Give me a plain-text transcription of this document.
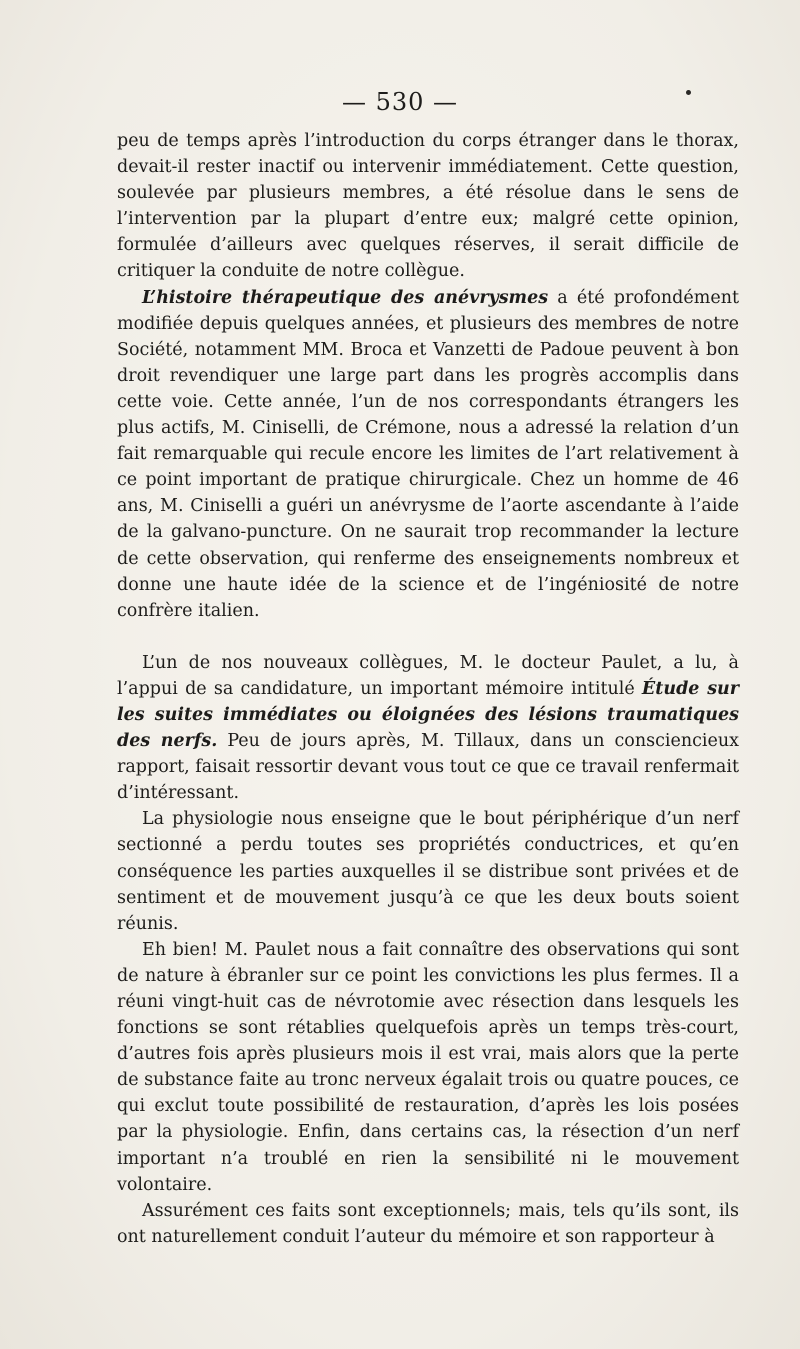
— 530 —

peu de temps après l’introduction du corps étranger dans le thorax, devait-il rester inactif ou intervenir immédiatement. Cette question, soulevée par plusieurs membres, a été résolue dans le sens de l’intervention par la plupart d’entre eux; malgré cette opinion, formulée d’ailleurs avec quelques réserves, il serait difficile de critiquer la conduite de notre collègue.

L’histoire thérapeutique des anévrysmes a été profondément modifiée depuis quelques années, et plusieurs des membres de notre Société, notamment MM. Broca et Vanzetti de Padoue peuvent à bon droit revendiquer une large part dans les progrès accomplis dans cette voie. Cette année, l’un de nos correspondants étrangers les plus actifs, M. Ciniselli, de Crémone, nous a adressé la relation d’un fait remarquable qui recule encore les limites de l’art relativement à ce point important de pratique chirurgicale. Chez un homme de 46 ans, M. Ciniselli a guéri un anévrysme de l’aorte ascendante à l’aide de la galvano-puncture. On ne saurait trop recommander la lecture de cette observation, qui renferme des enseignements nombreux et donne une haute idée de la science et de l’ingéniosité de notre confrère italien.

L’un de nos nouveaux collègues, M. le docteur Paulet, a lu, à l’appui de sa candidature, un important mémoire intitulé Étude sur les suites immédiates ou éloignées des lésions traumatiques des nerfs. Peu de jours après, M. Tillaux, dans un consciencieux rapport, faisait ressortir devant vous tout ce que ce travail renfermait d’intéressant.

La physiologie nous enseigne que le bout périphérique d’un nerf sectionné a perdu toutes ses propriétés conductrices, et qu’en conséquence les parties auxquelles il se distribue sont privées et de sentiment et de mouvement jusqu’à ce que les deux bouts soient réunis.

Eh bien! M. Paulet nous a fait connaître des observations qui sont de nature à ébranler sur ce point les convictions les plus fermes. Il a réuni vingt-huit cas de névrotomie avec résection dans lesquels les fonctions se sont rétablies quelquefois après un temps très-court, d’autres fois après plusieurs mois il est vrai, mais alors que la perte de substance faite au tronc nerveux égalait trois ou quatre pouces, ce qui exclut toute possibilité de restauration, d’après les lois posées par la physiologie. Enfin, dans certains cas, la résection d’un nerf important n’a troublé en rien la sensibilité ni le mouvement volontaire.

Assurément ces faits sont exceptionnels; mais, tels qu’ils sont, ils ont naturellement conduit l’auteur du mémoire et son rapporteur à
